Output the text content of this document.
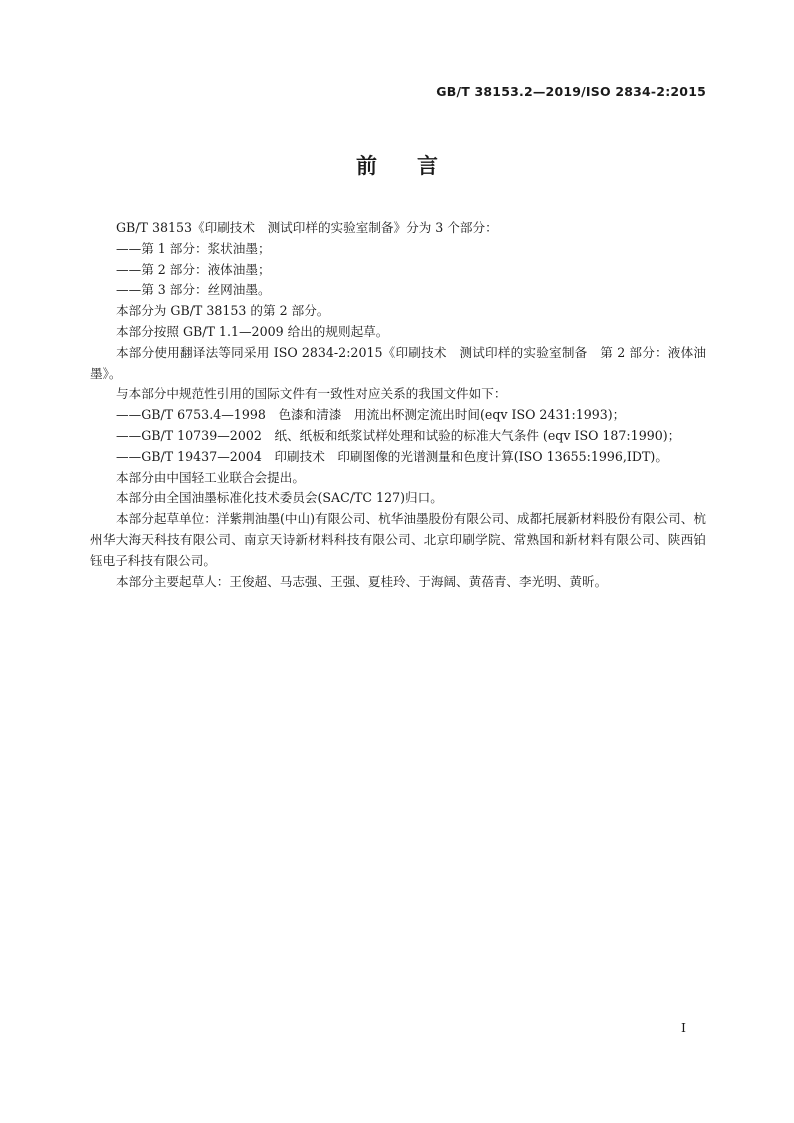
GB/T 38153.2—2019/ISO 2834-2:2015
前言

GB/T 38153《印刷技术　测试印样的实验室制备》分为 3 个部分：

——第 1 部分：浆状油墨；

——第 2 部分：液体油墨；

——第 3 部分：丝网油墨。

本部分为 GB/T 38153 的第 2 部分。

本部分按照 GB/T 1.1—2009 给出的规则起草。

本部分使用翻译法等同采用 ISO 2834-2:2015《印刷技术　测试印样的实验室制备　第 2 部分：液体油墨》。

与本部分中规范性引用的国际文件有一致性对应关系的我国文件如下：

——GB/T 6753.4—1998　色漆和清漆　用流出杯测定流出时间(eqv ISO 2431:1993)；

——GB/T 10739—2002　纸、纸板和纸浆试样处理和试验的标准大气条件 (eqv ISO 187:1990)；

——GB/T 19437—2004　印刷技术　印刷图像的光谱测量和色度计算(ISO 13655:1996,IDT)。

本部分由中国轻工业联合会提出。

本部分由全国油墨标准化技术委员会(SAC/TC 127)归口。

本部分起草单位：洋紫荆油墨(中山)有限公司、杭华油墨股份有限公司、成都托展新材料股份有限公司、杭州华大海天科技有限公司、南京天诗新材料科技有限公司、北京印刷学院、常熟国和新材料有限公司、陕西铂钰电子科技有限公司。

本部分主要起草人：王俊超、马志强、王强、夏桂玲、于海阔、黄蓓青、李光明、黄昕。

I
